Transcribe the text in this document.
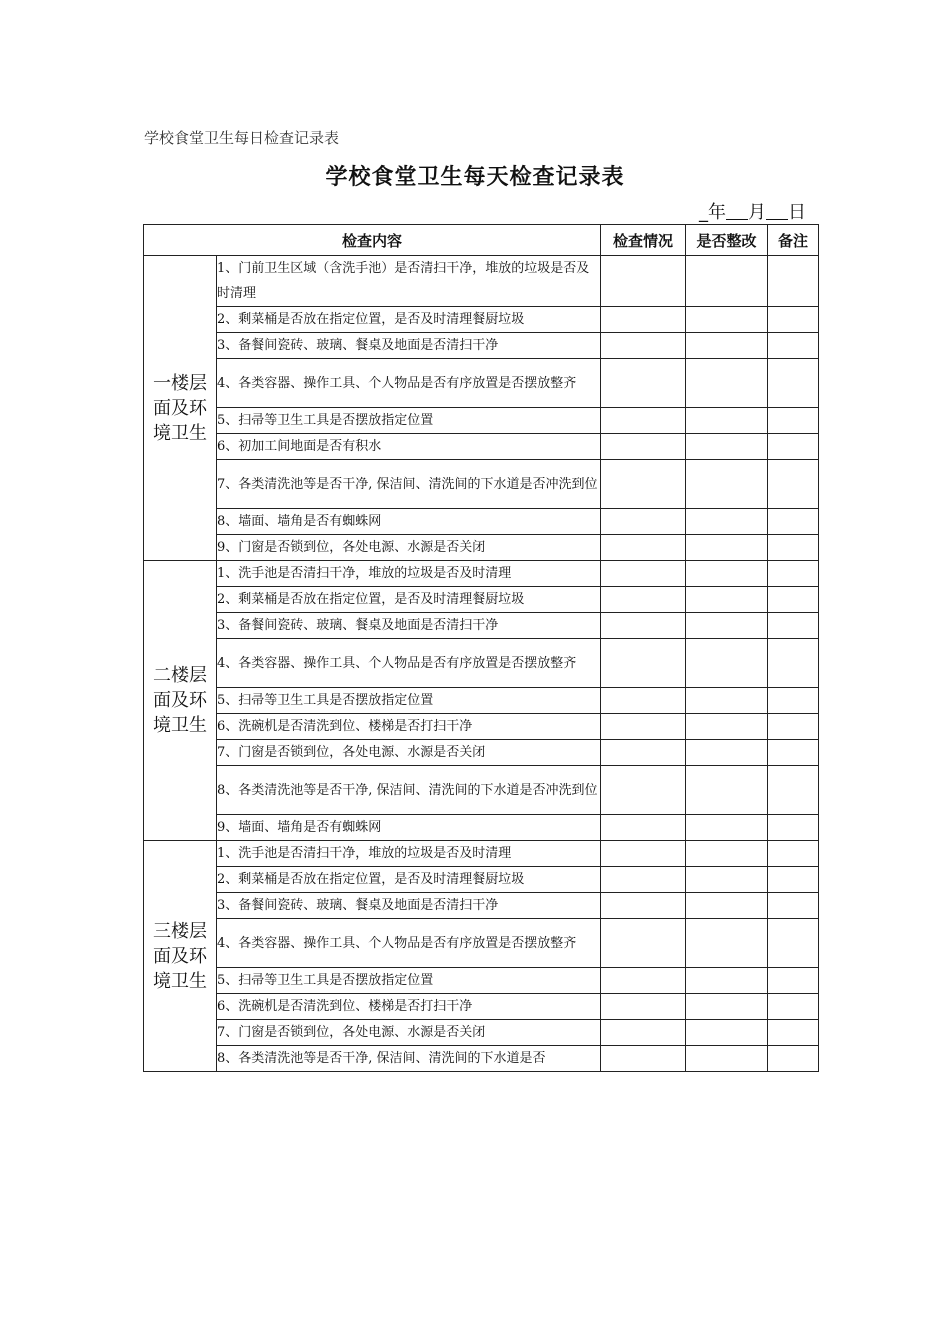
学校食堂卫生每日检查记录表
学校食堂卫生每天检查记录表
_年 月 日
检查内容		检查情况	是否整改	备注

一楼层
面及环
境卫生	1、门前卫生区域（含洗手池）是否清扫干净，堆放的垃圾是否及时清理			
	2、剩菜桶是否放在指定位置，是否及时清理餐厨垃圾			
	3、备餐间瓷砖、玻璃、餐桌及地面是否清扫干净			
	4、各类容器、操作工具、个人物品是否有序放置是否摆放整齐			
	5、扫帚等卫生工具是否摆放指定位置			
	6、初加工间地面是否有积水			
	7、各类清洗池等是否干净, 保洁间、清洗间的下水道是否冲洗到位			
	8、墙面、墙角是否有蜘蛛网			
	9、门窗是否锁到位，各处电源、水源是否关闭			

二楼层
面及环
境卫生	1、洗手池是否清扫干净，堆放的垃圾是否及时清理			
	2、剩菜桶是否放在指定位置，是否及时清理餐厨垃圾			
	3、备餐间瓷砖、玻璃、餐桌及地面是否清扫干净			
	4、各类容器、操作工具、个人物品是否有序放置是否摆放整齐			
	5、扫帚等卫生工具是否摆放指定位置			
	6、洗碗机是否清洗到位、楼梯是否打扫干净			
	7、门窗是否锁到位，各处电源、水源是否关闭			
	8、各类清洗池等是否干净, 保洁间、清洗间的下水道是否冲洗到位			
	9、墙面、墙角是否有蜘蛛网			

三楼层
面及环
境卫生	1、洗手池是否清扫干净，堆放的垃圾是否及时清理			
	2、剩菜桶是否放在指定位置，是否及时清理餐厨垃圾			
	3、备餐间瓷砖、玻璃、餐桌及地面是否清扫干净			
	4、各类容器、操作工具、个人物品是否有序放置是否摆放整齐			
	5、扫帚等卫生工具是否摆放指定位置			
	6、洗碗机是否清洗到位、楼梯是否打扫干净			
	7、门窗是否锁到位，各处电源、水源是否关闭			
	8、各类清洗池等是否干净, 保洁间、清洗间的下水道是否			
